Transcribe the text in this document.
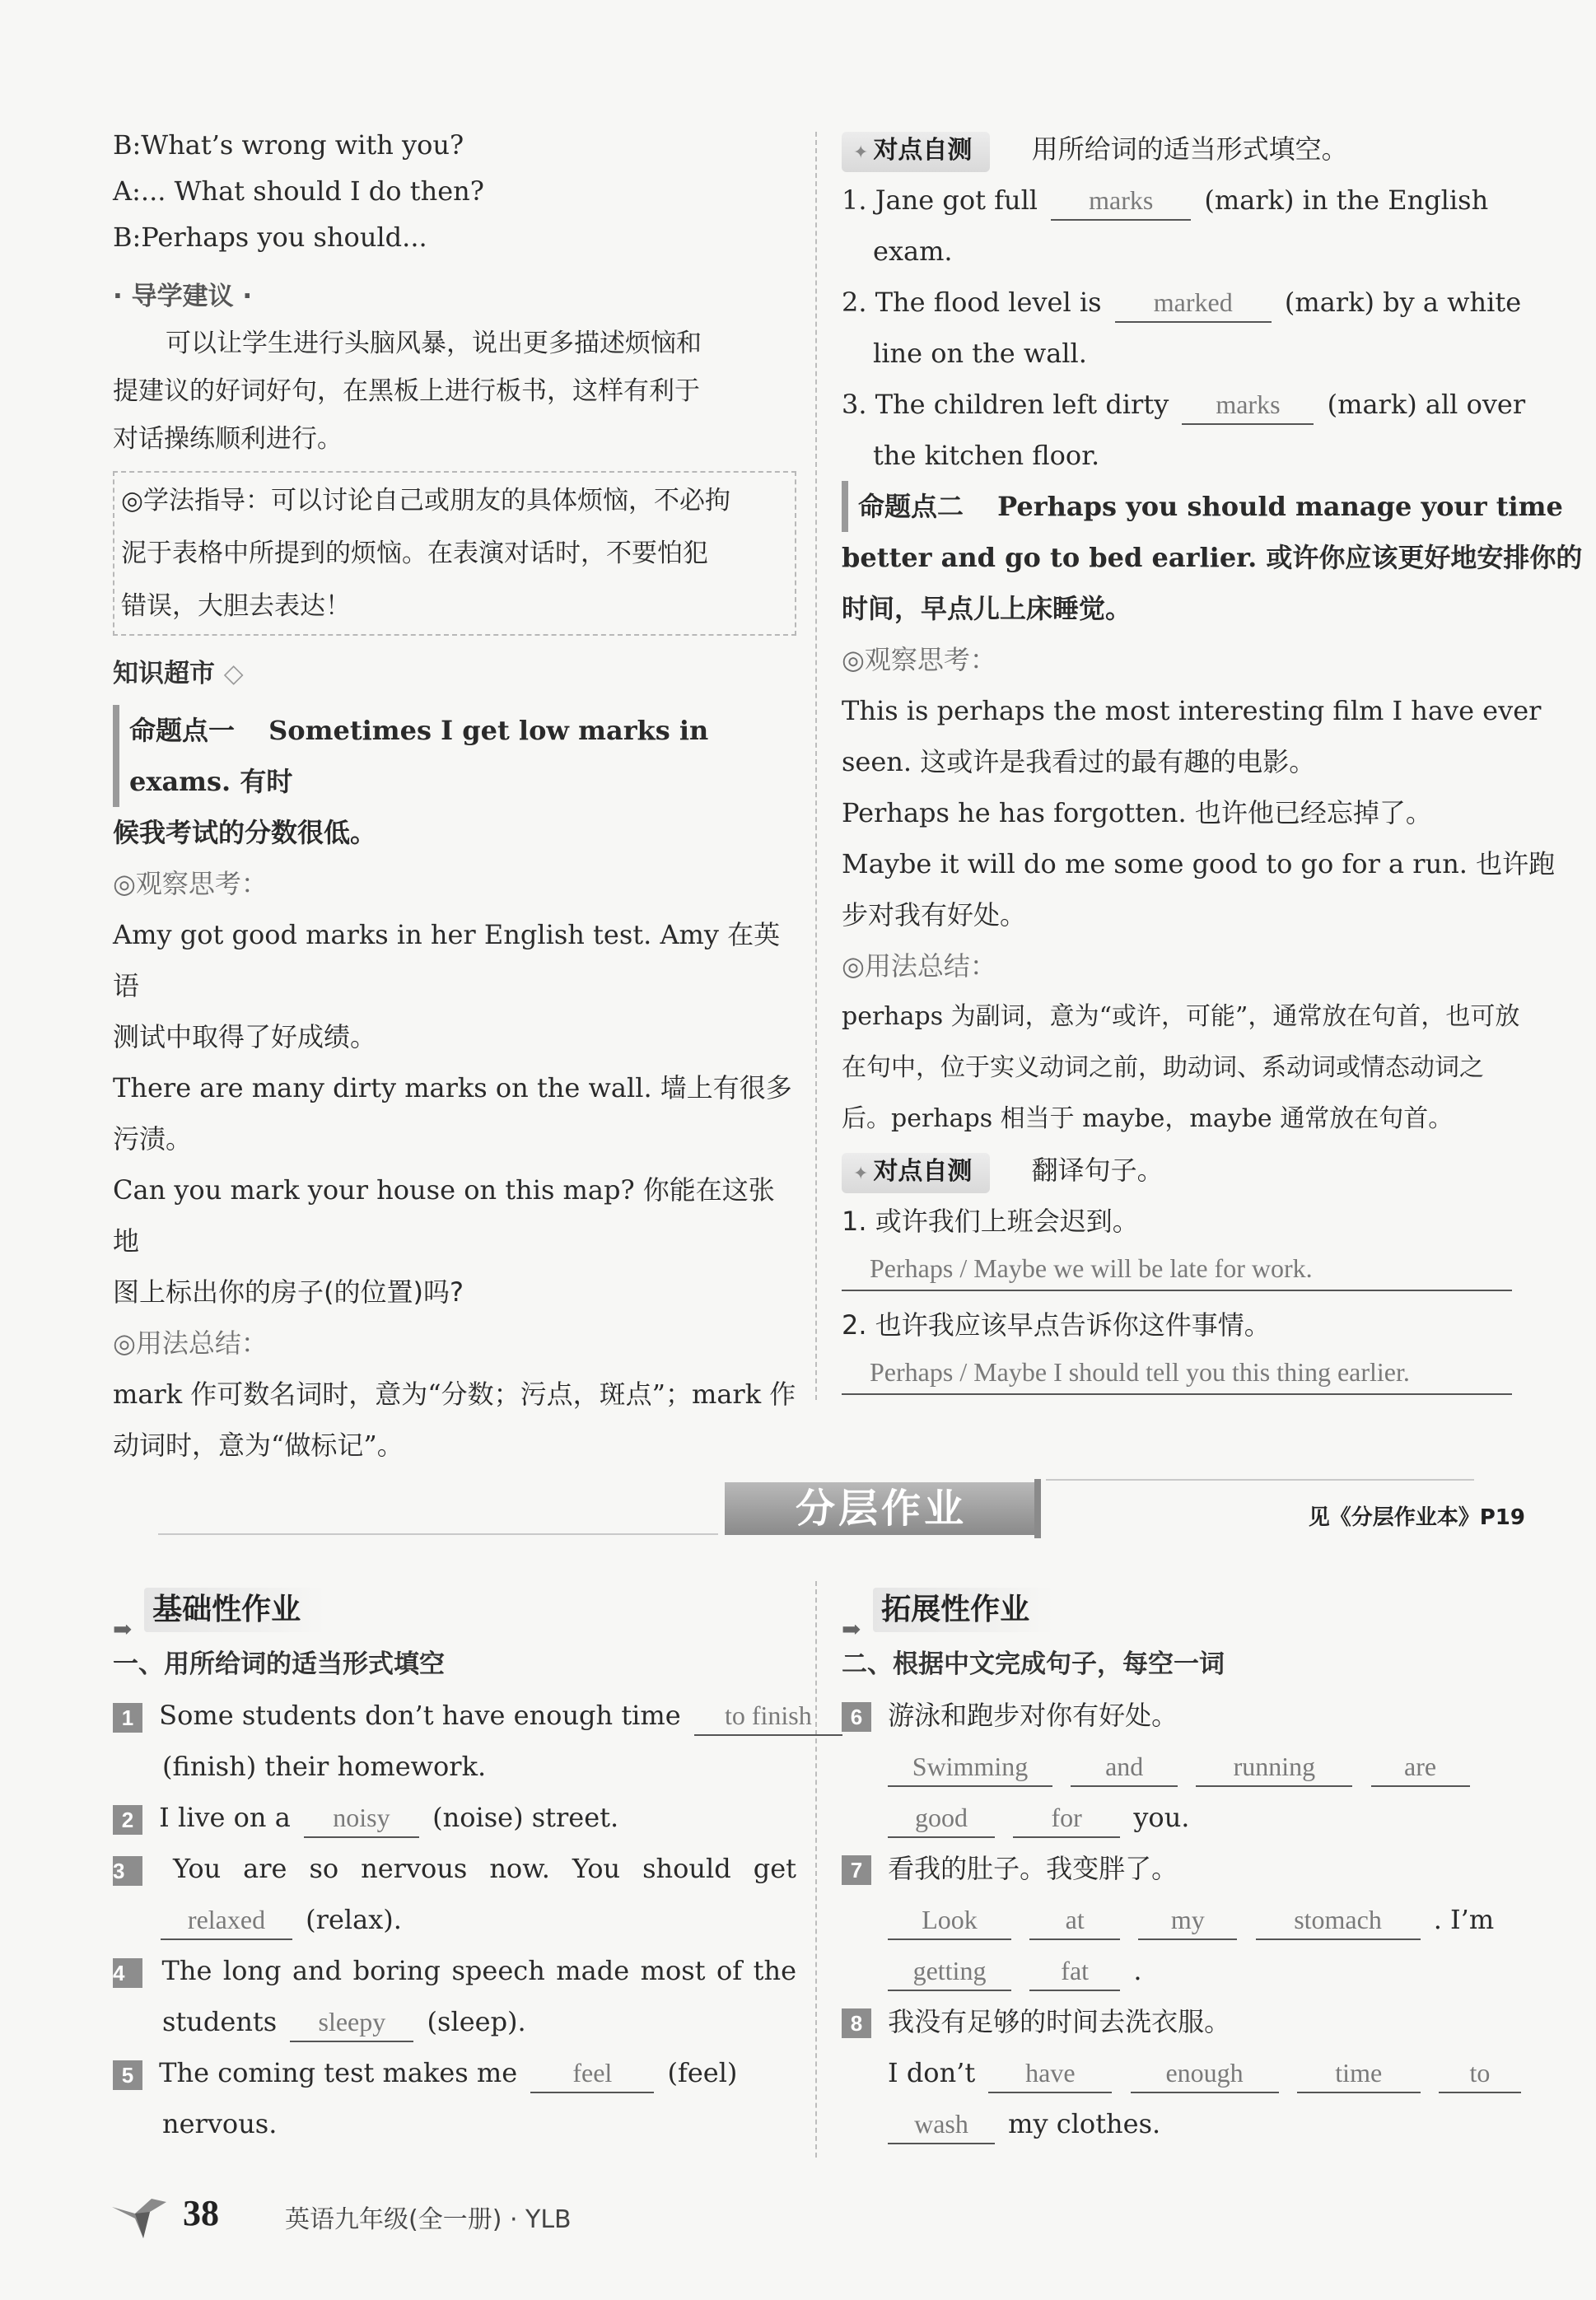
B:What’s wrong with you?
A:... What should I do then?
B:Perhaps you should...
· 导学建议 ·
可以让学生进行头脑风暴，说出更多描述烦恼和
提建议的好词好句，在黑板上进行板书，这样有利于
对话操练顺利进行。
◎学法指导：可以讨论自己或朋友的具体烦恼，不必拘
泥于表格中所提到的烦恼。在表演对话时，不要怕犯
错误，大胆去表达！
知识超市 ◇
命题点一 Sometimes I get low marks in exams. 有时
候我考试的分数很低。
◎观察思考：
Amy got good marks in her English test. Amy 在英语
测试中取得了好成绩。
There are many dirty marks on the wall. 墙上有很多
污渍。
Can you mark your house on this map? 你能在这张地
图上标出你的房子(的位置)吗?
◎用法总结：
mark 作可数名词时，意为“分数；污点，斑点”；mark 作
动词时，意为“做标记”。
✦ 对点自测 用所给词的适当形式填空。
1. Jane got full marks (mark) in the English
exam.
2. The flood level is marked (mark) by a white
line on the wall.
3. The children left dirty marks (mark) all over
the kitchen floor.
命题点二 Perhaps you should manage your time
better and go to bed earlier. 或许你应该更好地安排你的
时间，早点儿上床睡觉。
◎观察思考：
This is perhaps the most interesting film I have ever
seen. 这或许是我看过的最有趣的电影。
Perhaps he has forgotten. 也许他已经忘掉了。
Maybe it will do me some good to go for a run. 也许跑
步对我有好处。
◎用法总结：
perhaps 为副词，意为“或许，可能”，通常放在句首，也可放
在句中，位于实义动词之前，助动词、系动词或情态动词之
后。perhaps 相当于 maybe，maybe 通常放在句首。
✦ 对点自测 翻译句子。
1. 或许我们上班会迟到。
Perhaps / Maybe we will be late for work.
2. 也许我应该早点告诉你这件事情。
Perhaps / Maybe I should tell you this thing earlier.
分层作业	见《分层作业本》P19
➡ 基础性作业
一、用所给词的适当形式填空
1 Some students don’t have enough time to finish
(finish) their homework.
2 I live on a noisy (noise) street.
3 You are so nervous now. You should get
relaxed (relax).
4 The long and boring speech made most of the
students sleepy (sleep).
5 The coming test makes me feel (feel)
nervous.
➡ 拓展性作业
二、根据中文完成句子，每空一词
6 游泳和跑步对你有好处。
Swimming	and	running	are
good	for you.
7 看我的肚子。我变胖了。
Look	at	my	stomach . I’m
getting	fat .
8 我没有足够的时间去洗衣服。
I don’t have	enough	time	to
wash my clothes.
38	英语九年级(全一册) · YLB
